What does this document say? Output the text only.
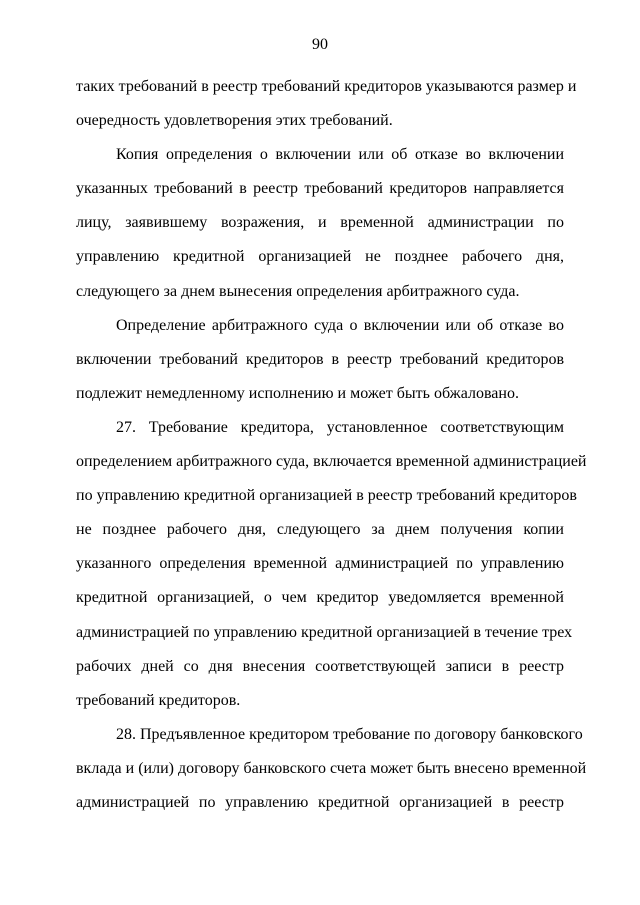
90
таких требований в реестр требований кредиторов указываются размер и
очередность удовлетворения этих требований.
Копия определения о включении или об отказе во включении
указанных требований в реестр требований кредиторов направляется
лицу, заявившему возражения, и временной администрации по
управлению кредитной организацией не позднее рабочего дня,
следующего за днем вынесения определения арбитражного суда.
Определение арбитражного суда о включении или об отказе во
включении требований кредиторов в реестр требований кредиторов
подлежит немедленному исполнению и может быть обжаловано.
27. Требование кредитора, установленное соответствующим
определением арбитражного суда, включается временной администрацией
по управлению кредитной организацией в реестр требований кредиторов
не позднее рабочего дня, следующего за днем получения копии
указанного определения временной администрацией по управлению
кредитной организацией, о чем кредитор уведомляется временной
администрацией по управлению кредитной организацией в течение трех
рабочих дней со дня внесения соответствующей записи в реестр
требований кредиторов.
28. Предъявленное кредитором требование по договору банковского
вклада и (или) договору банковского счета может быть внесено временной
администрацией по управлению кредитной организацией в реестр
